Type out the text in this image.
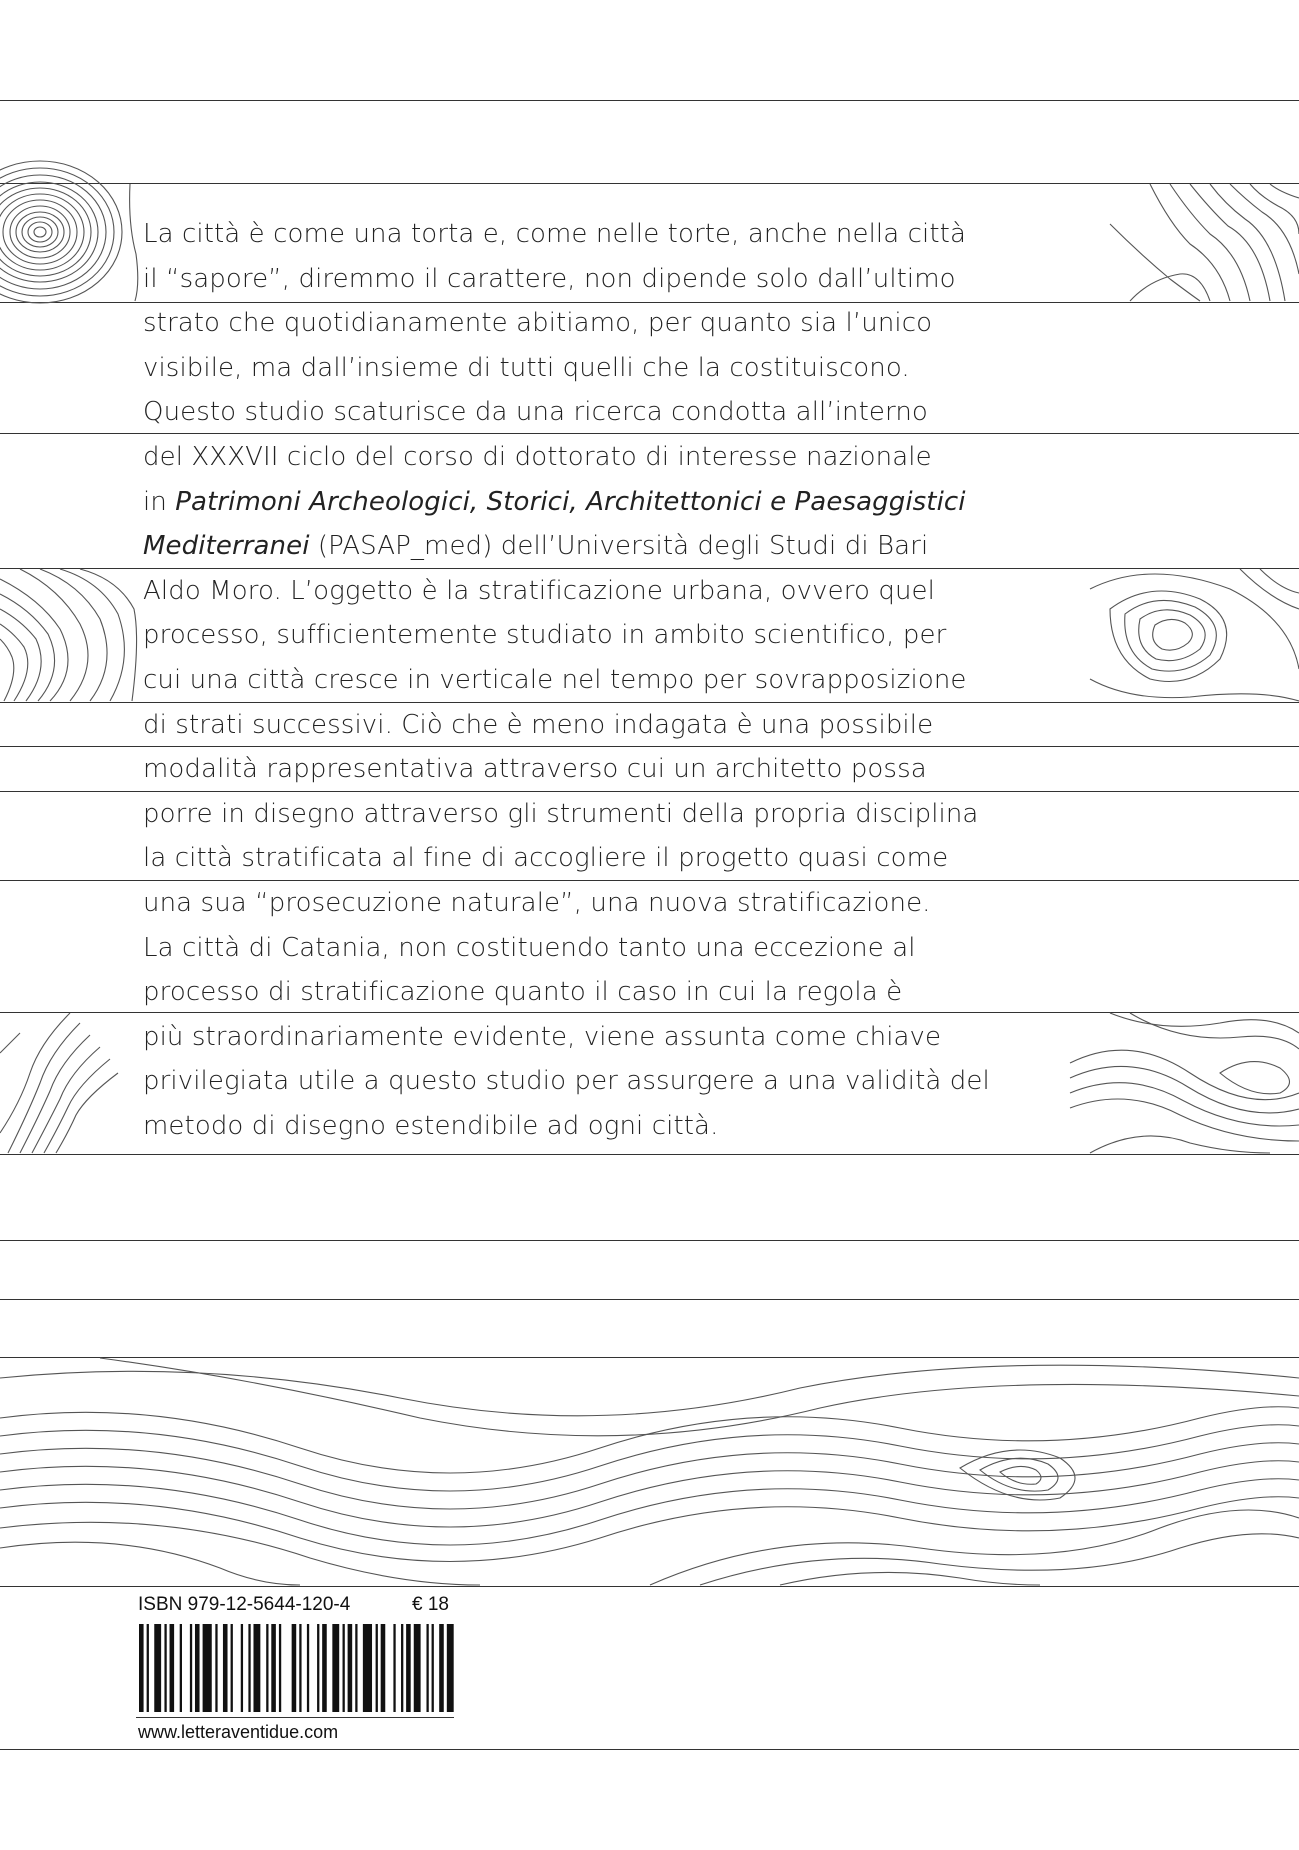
La città è come una torta e, come nelle torte, anche nella città
il “sapore”, diremmo il carattere, non dipende solo dall’ultimo
strato che quotidianamente abitiamo, per quanto sia l’unico
visibile, ma dall’insieme di tutti quelli che la costituiscono.
Questo studio scaturisce da una ricerca condotta all’interno
del XXXVII ciclo del corso di dottorato di interesse nazionale
in Patrimoni Archeologici, Storici, Architettonici e Paesaggistici
Mediterranei (PASAP_med) dell’Università degli Studi di Bari
Aldo Moro. L’oggetto è la stratificazione urbana, ovvero quel
processo, sufficientemente studiato in ambito scientifico, per
cui una città cresce in verticale nel tempo per sovrapposizione
di strati successivi. Ciò che è meno indagata è una possibile
modalità rappresentativa attraverso cui un architetto possa
porre in disegno attraverso gli strumenti della propria disciplina
la città stratificata al fine di accogliere il progetto quasi come
una sua “prosecuzione naturale”, una nuova stratificazione.
La città di Catania, non costituendo tanto una eccezione al
processo di stratificazione quanto il caso in cui la regola è
più straordinariamente evidente, viene assunta come chiave
privilegiata utile a questo studio per assurgere a una validità del
metodo di disegno estendibile ad ogni città.
ISBN 979-12-5644-120-4	€ 18
www.letteraventidue.com
